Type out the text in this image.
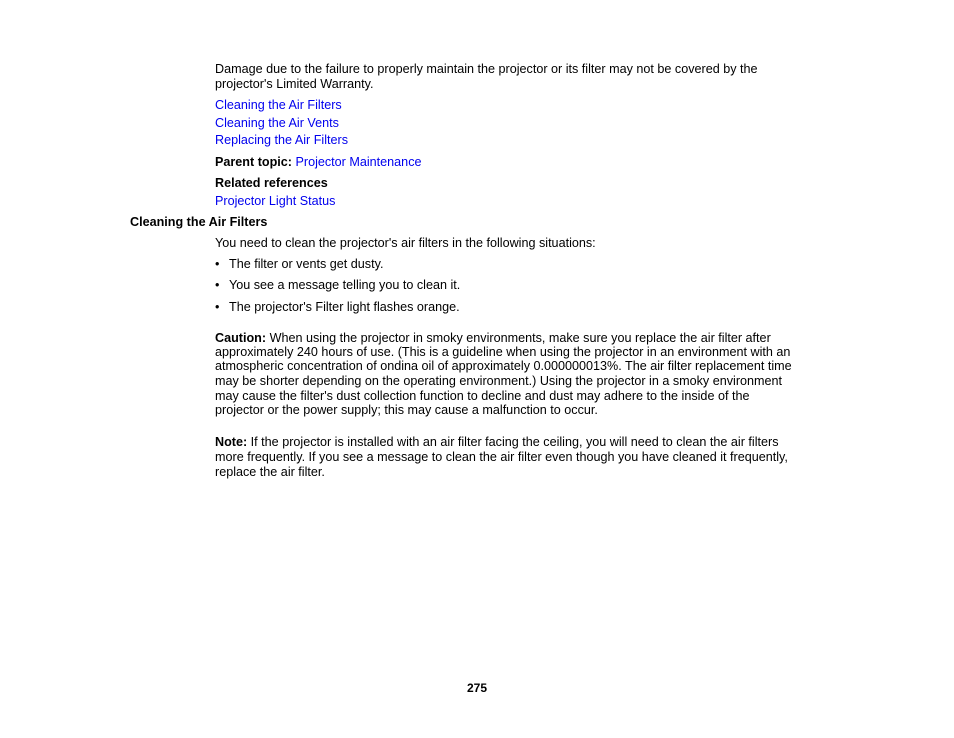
Damage due to the failure to properly maintain the projector or its filter may not be covered by the
projector's Limited Warranty.
Cleaning the Air Filters
Cleaning the Air Vents
Replacing the Air Filters
Parent topic: Projector Maintenance
Related references
Projector Light Status
Cleaning the Air Filters
You need to clean the projector's air filters in the following situations:
• The filter or vents get dusty.
• You see a message telling you to clean it.
• The projector's Filter light flashes orange.
Caution: When using the projector in smoky environments, make sure you replace the air filter after
approximately 240 hours of use. (This is a guideline when using the projector in an environment with an
atmospheric concentration of ondina oil of approximately 0.000000013%. The air filter replacement time
may be shorter depending on the operating environment.) Using the projector in a smoky environment
may cause the filter's dust collection function to decline and dust may adhere to the inside of the
projector or the power supply; this may cause a malfunction to occur.
Note: If the projector is installed with an air filter facing the ceiling, you will need to clean the air filters
more frequently. If you see a message to clean the air filter even though you have cleaned it frequently,
replace the air filter.
275
